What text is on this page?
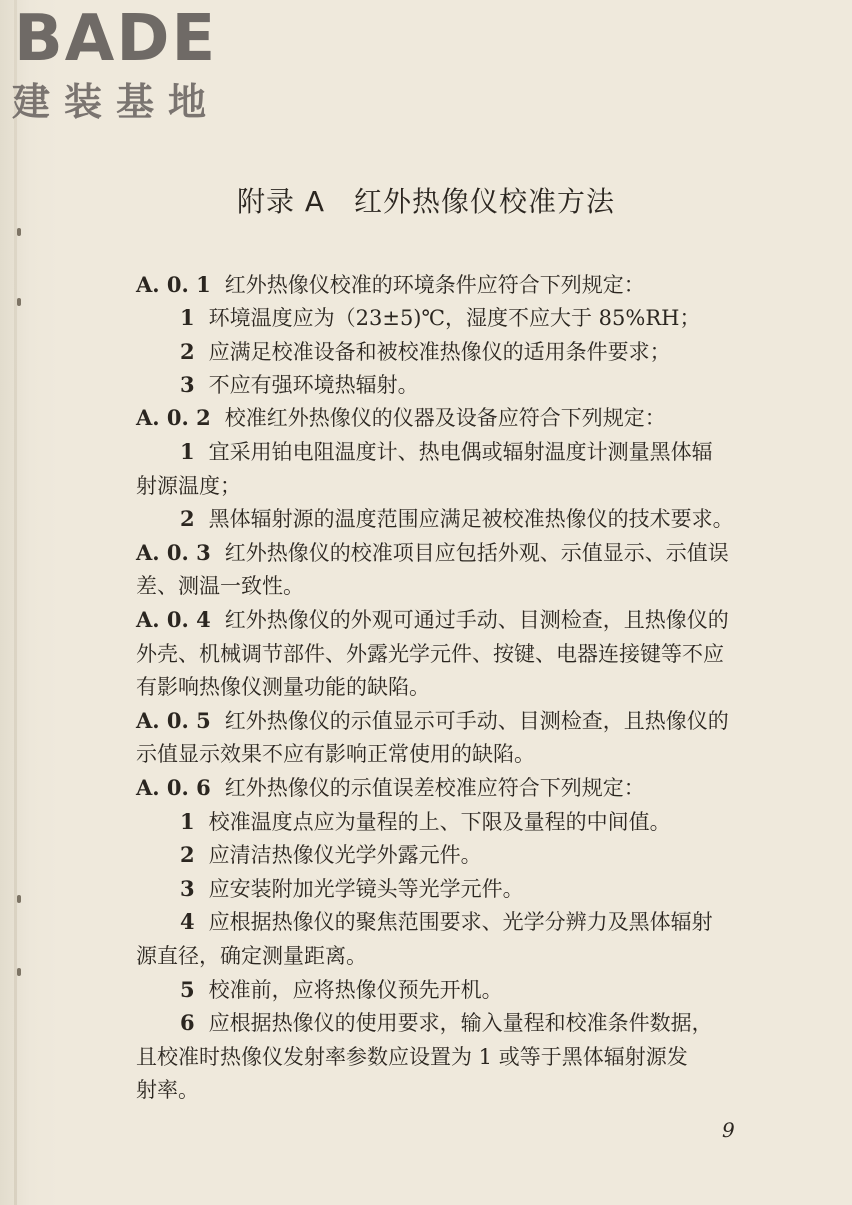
BADE
建装基地
附录 A　红外热像仪校准方法
A. 0. 1 红外热像仪校准的环境条件应符合下列规定：
1 环境温度应为（23±5)℃，湿度不应大于 85%RH；
2 应满足校准设备和被校准热像仪的适用条件要求；
3 不应有强环境热辐射。
A. 0. 2 校准红外热像仪的仪器及设备应符合下列规定：
1 宜采用铂电阻温度计、热电偶或辐射温度计测量黑体辐
射源温度；
2 黑体辐射源的温度范围应满足被校准热像仪的技术要求。
A. 0. 3 红外热像仪的校准项目应包括外观、示值显示、示值误
差、测温一致性。
A. 0. 4 红外热像仪的外观可通过手动、目测检查，且热像仪的
外壳、机械调节部件、外露光学元件、按键、电器连接键等不应
有影响热像仪测量功能的缺陷。
A. 0. 5 红外热像仪的示值显示可手动、目测检查，且热像仪的
示值显示效果不应有影响正常使用的缺陷。
A. 0. 6 红外热像仪的示值误差校准应符合下列规定：
1 校准温度点应为量程的上、下限及量程的中间值。
2 应清洁热像仪光学外露元件。
3 应安装附加光学镜头等光学元件。
4 应根据热像仪的聚焦范围要求、光学分辨力及黑体辐射
源直径，确定测量距离。
5 校准前，应将热像仪预先开机。
6 应根据热像仪的使用要求，输入量程和校准条件数据，
且校准时热像仪发射率参数应设置为 1 或等于黑体辐射源发
射率。
9
